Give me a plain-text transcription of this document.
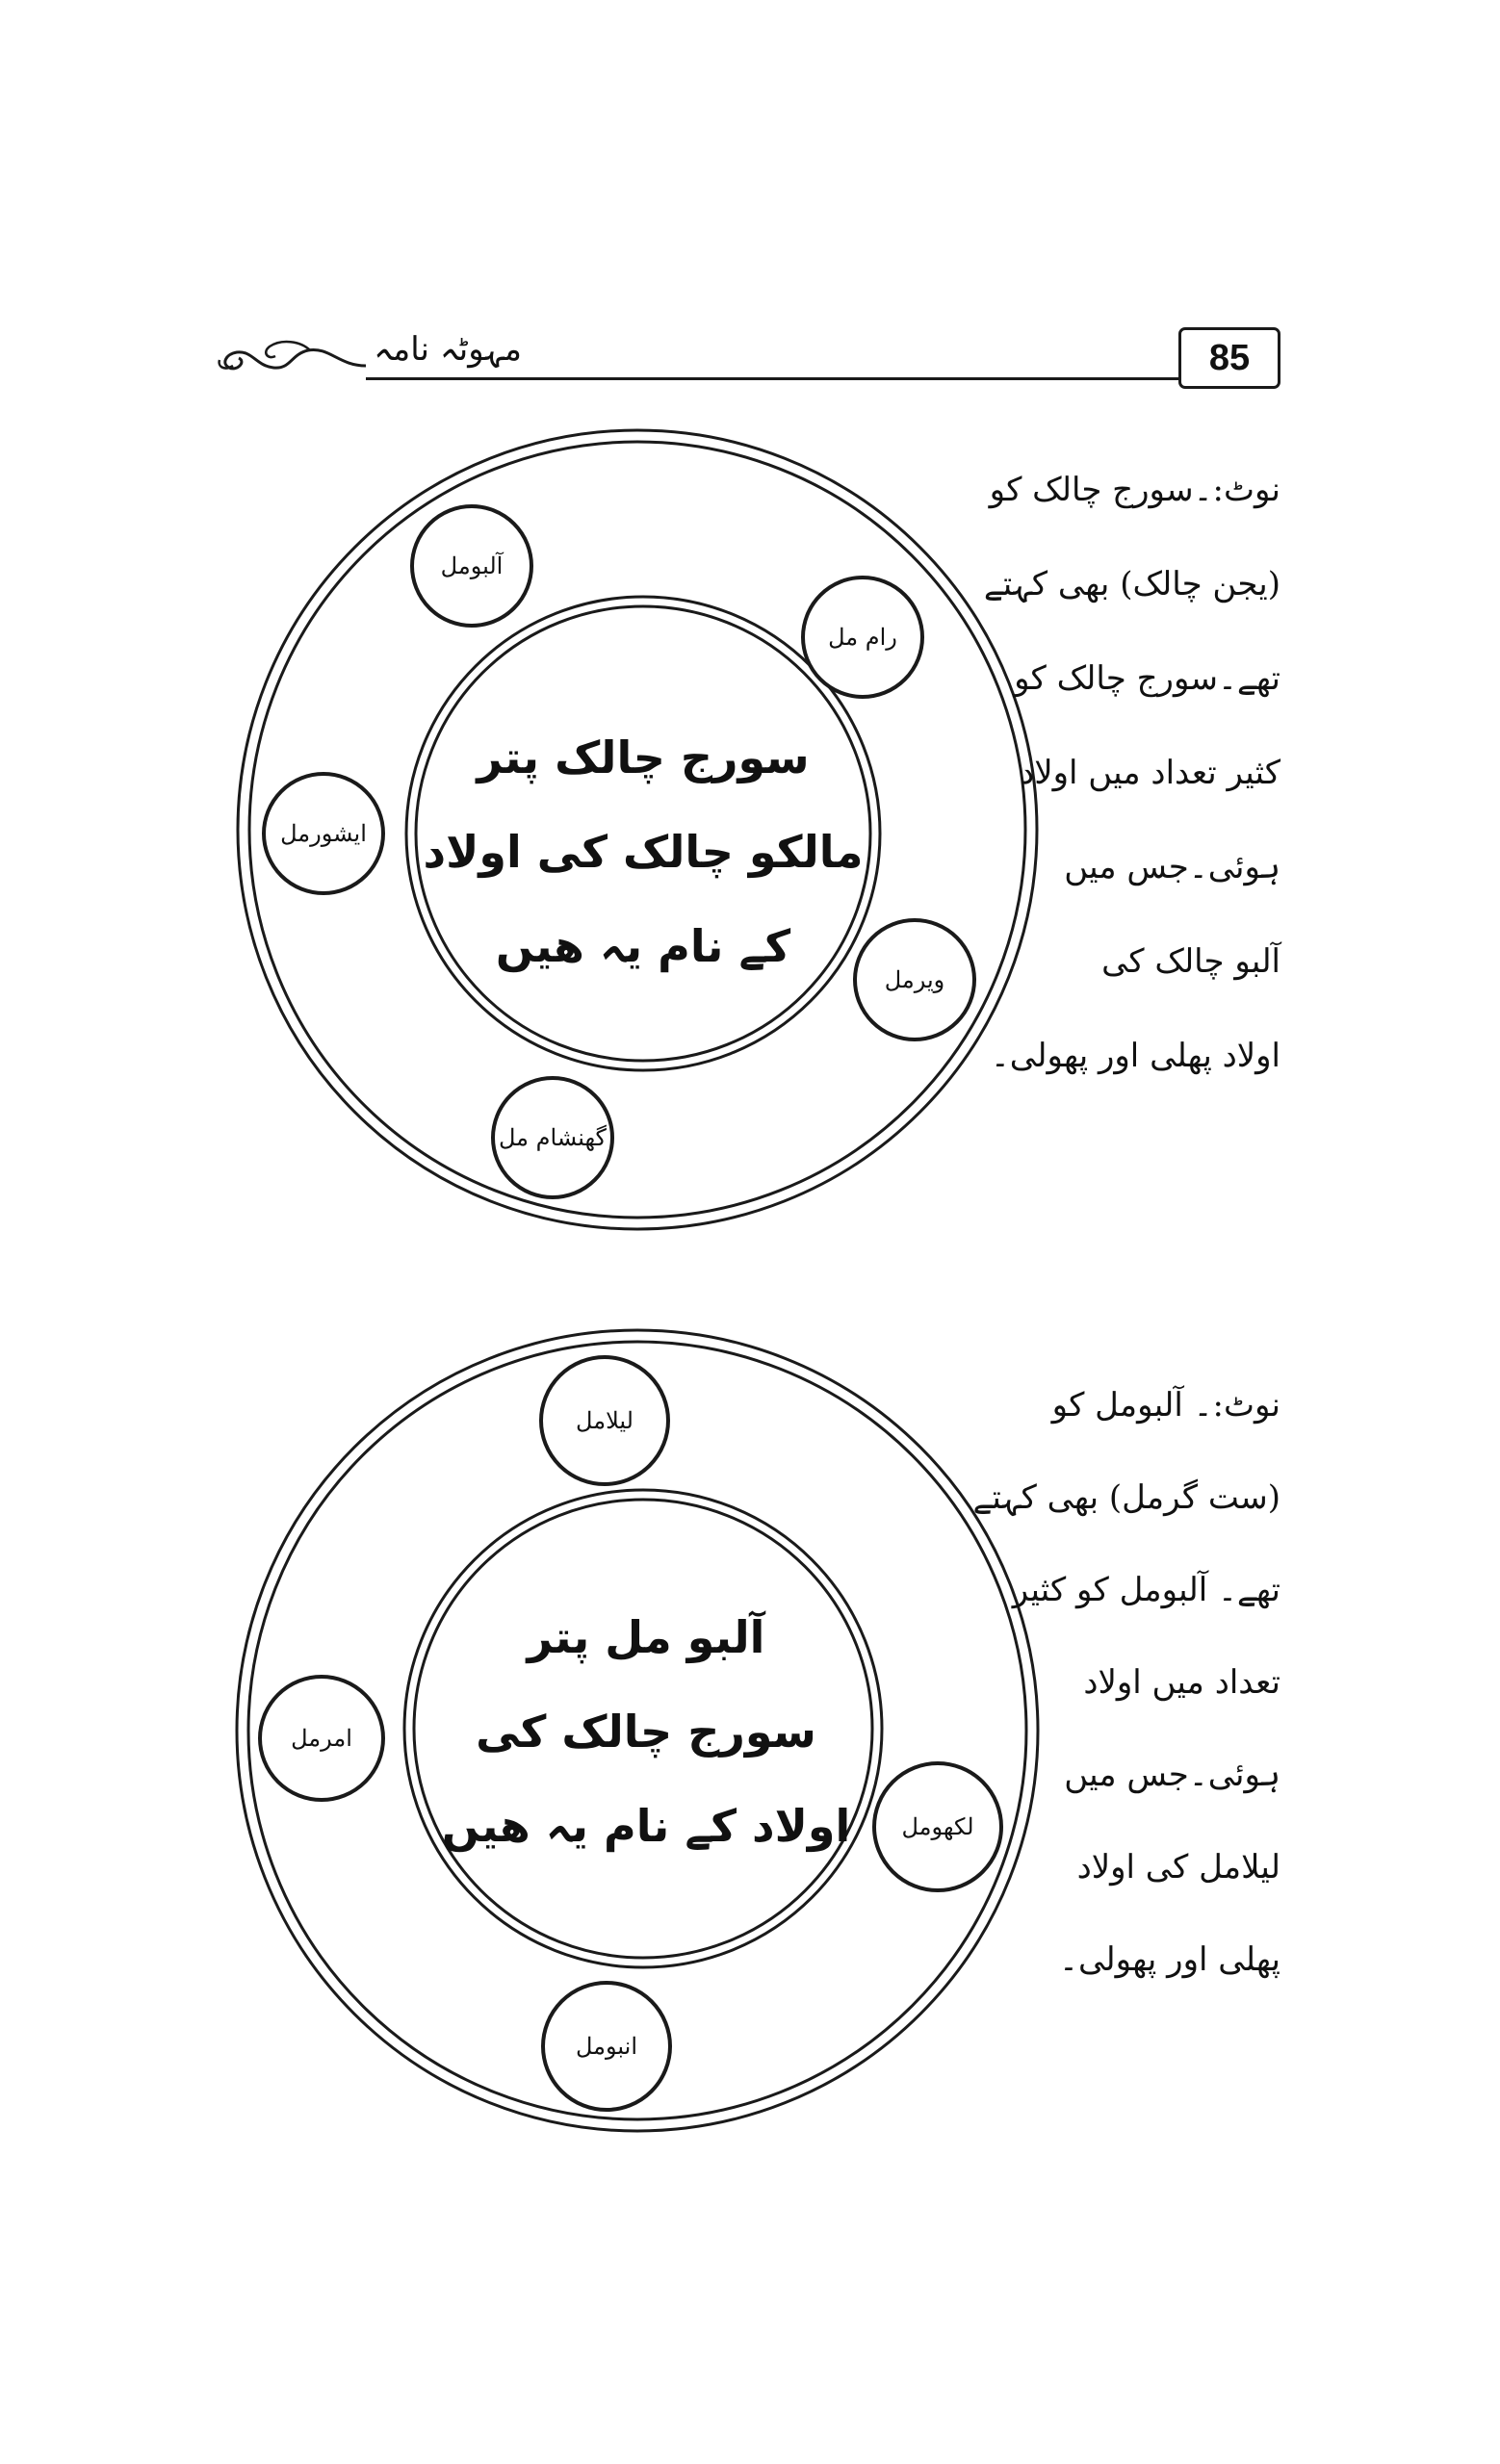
85
مہوٹہ نامہ
سورج چالک پتر
مالکو چالک کی اولاد
کے نام یہ ھیں
آلبومل
رام مل
ایشورمل
ویرمل
گھنشام مل
آلبو مل پتر
سورج چالک کی
اولاد کے نام یہ ھیں
لیلامل
امرمل
لکھومل
انبومل
نوٹ:۔سورج چالک کو
(یجن چالک) بھی کہتے
تھے۔سورج چالک کو
کثیر تعداد میں اولاد
ہوئی۔جس میں
آلبو چالک کی
اولاد پھلی اور پھولی۔
نوٹ:۔ آلبومل کو
(ست گرمل) بھی کہتے
تھے۔ آلبومل کو کثیر
تعداد میں اولاد
ہوئی۔جس میں
لیلامل کی اولاد
پھلی اور پھولی۔
